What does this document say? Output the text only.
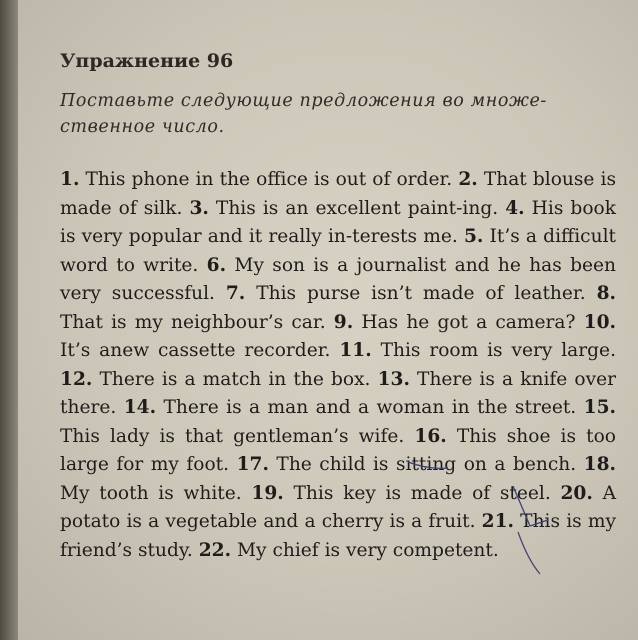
Упражнение 96
Поставьте следующие предложения во множе-
ственное число.
1. This phone in the office is out of order. 2. That blouse is made of silk. 3. This is an excellent paint-ing. 4. His book is very popular and it really in-terests me. 5. It’s a difficult word to write. 6. My son is a journalist and he has been very successful. 7. This purse isn’t made of leather. 8. That is my neighbour’s car. 9. Has he got a camera? 10. It’s anew cassette recorder. 11. This room is very large. 12. There is a match in the box. 13. There is a knife over there. 14. There is a man and a woman in the street. 15. This lady is that gentleman’s wife. 16. This shoe is too large for my foot. 17. The child is sitting on a bench. 18. My tooth is white. 19. This key is made of steel. 20. A potato is a vegetable and a cherry is a fruit. 21. This is my friend’s study. 22. My chief is very competent.
